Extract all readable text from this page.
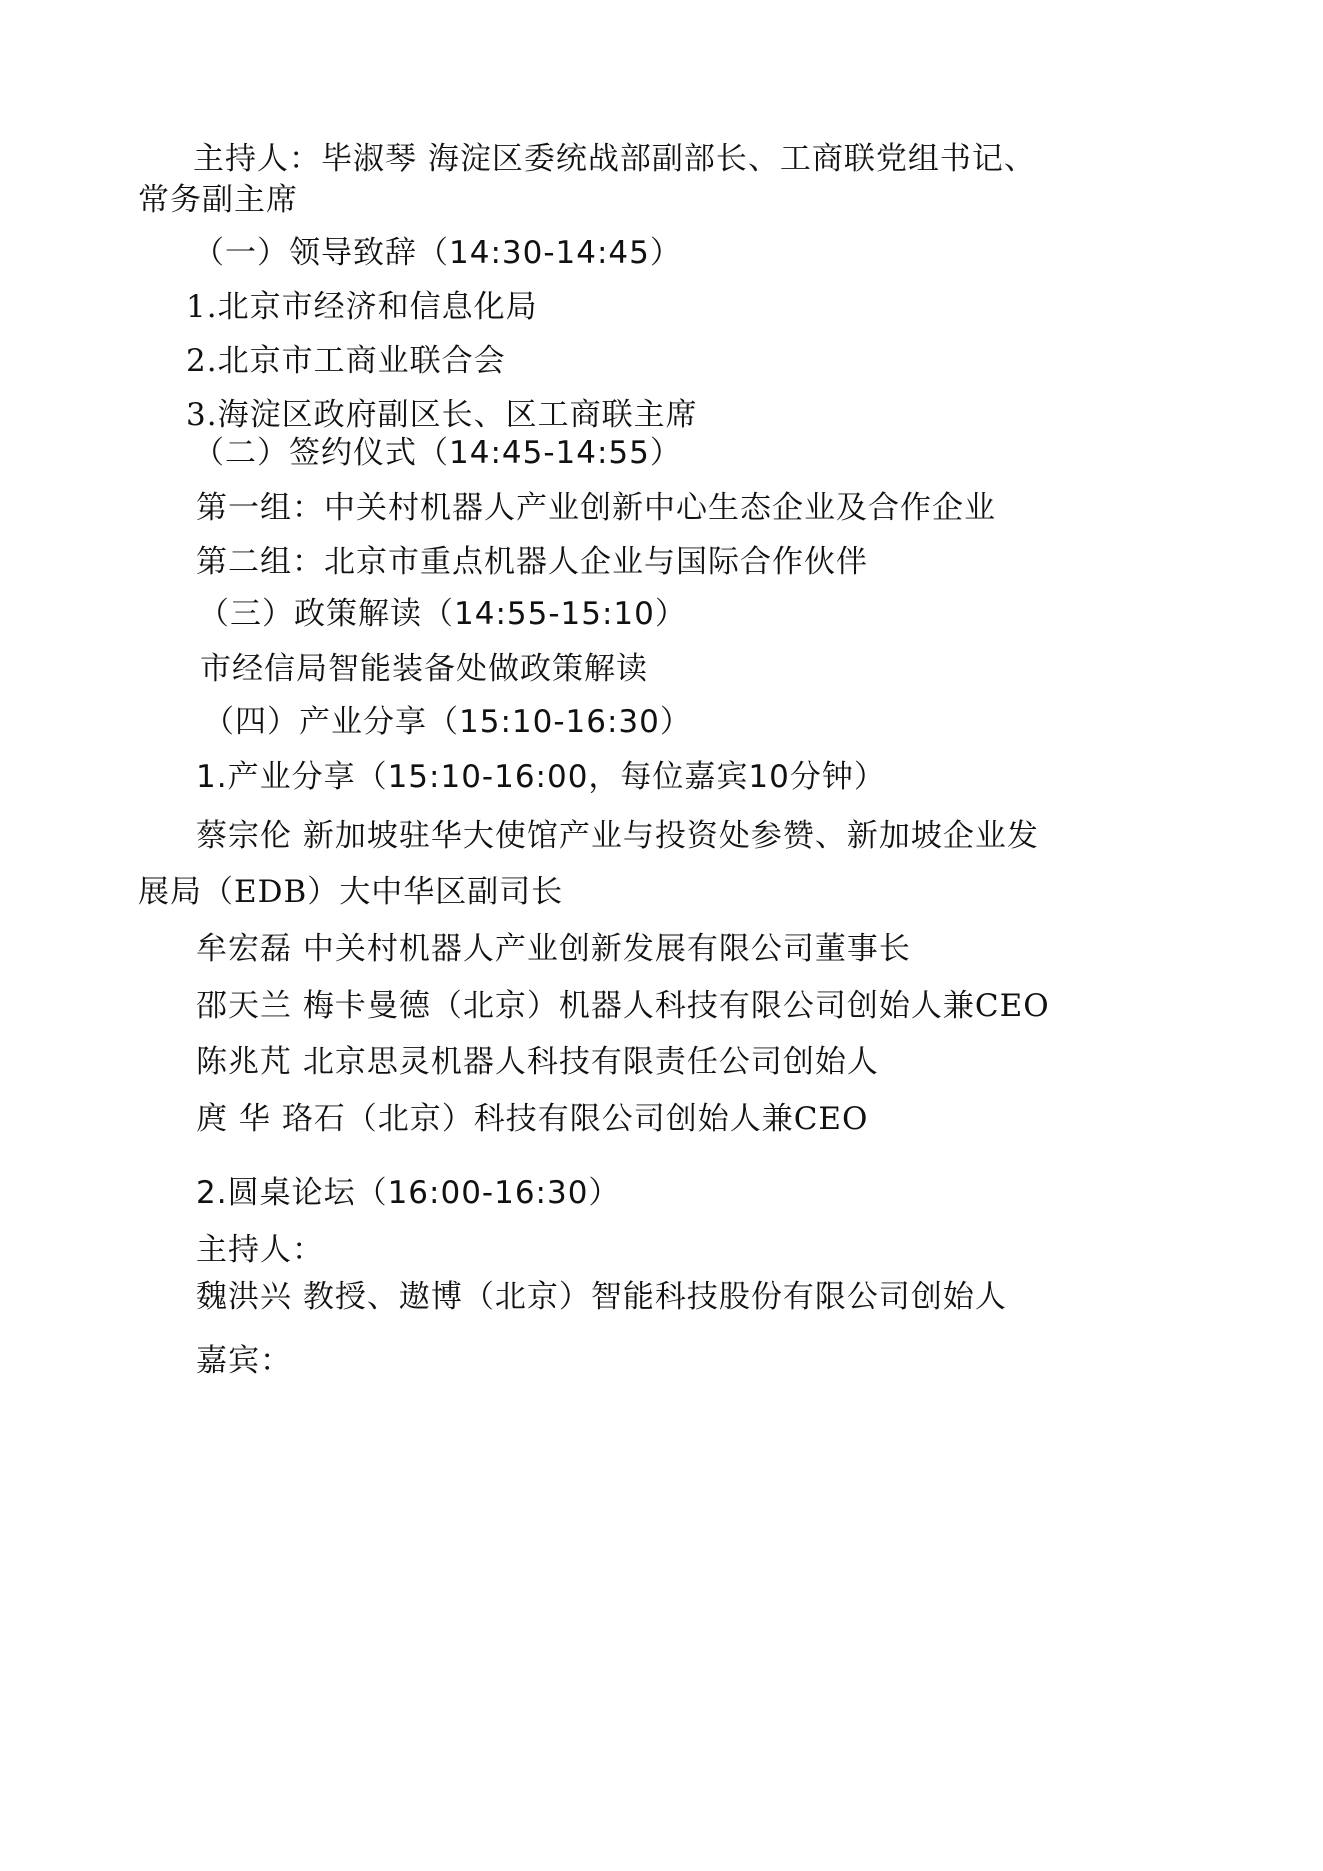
主持人：毕淑琴 海淀区委统战部副部长、工商联党组书记、
常务副主席
（一）领导致辞（14:30-14:45）
1.北京市经济和信息化局
2.北京市工商业联合会
3.海淀区政府副区长、区工商联主席
（二）签约仪式（14:45-14:55）
第一组：中关村机器人产业创新中心生态企业及合作企业
第二组：北京市重点机器人企业与国际合作伙伴
（三）政策解读（14:55-15:10）
市经信局智能装备处做政策解读
（四）产业分享（15:10-16:30）
1.产业分享（15:10-16:00，每位嘉宾10分钟）
蔡宗伦 新加坡驻华大使馆产业与投资处参赞、新加坡企业发
展局（EDB）大中华区副司长
牟宏磊 中关村机器人产业创新发展有限公司董事长
邵天兰 梅卡曼德（北京）机器人科技有限公司创始人兼CEO
陈兆芃 北京思灵机器人科技有限责任公司创始人
庹 华 珞石（北京）科技有限公司创始人兼CEO
2.圆桌论坛（16:00-16:30）
主持人：
魏洪兴 教授、遨博（北京）智能科技股份有限公司创始人
嘉宾：
